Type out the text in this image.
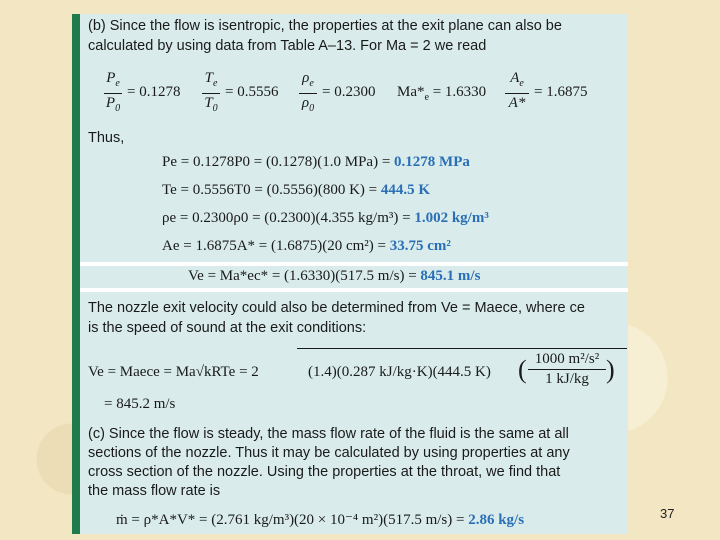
(b) Since the flow is isentropic, the properties at the exit plane can also be
calculated by using data from Table A–13. For Ma = 2 we read
$P_e$
$P_0$
= 0.1278
$T_e$
$T_0$
= 0.5556
$\rho_e$
$\rho_0$
= 0.2300 $Ma*_e = 1.6330$
$A_e$
A*
= 1.6875
Thus,
Pe = 0.1278P0 = (0.1278)(1.0 MPa) = 0.1278 MPa
Te = 0.5556T0 = (0.5556)(800 K) = 444.5 K
ρe = 0.2300ρ0 = (0.2300)(4.355 kg/m³) = 1.002 kg/m³
Ae = 1.6875A* = (1.6875)(20 cm²) = 33.75 cm²
Ve = Ma*ec* = (1.6330)(517.5 m/s) = 845.1 m/s
The nozzle exit velocity could also be determined from Ve = Maece, where ce
is the speed of sound at the exit conditions:
Ve = Maece = Ma√kRTe = 2	(1.4)(0.287 kJ/kg·K)(444.5 K) ( 1000 m²/s²
1 kJ/kg )
= 845.2 m/s
(c) Since the flow is steady, the mass flow rate of the fluid is the same at all
sections of the nozzle. Thus it may be calculated by using properties at any
cross section of the nozzle. Using the properties at the throat, we find that
the mass flow rate is
ṁ = ρ*A*V* = (2.761 kg/m³)(20 × 10⁻⁴ m²)(517.5 m/s) = 2.86 kg/s	37
